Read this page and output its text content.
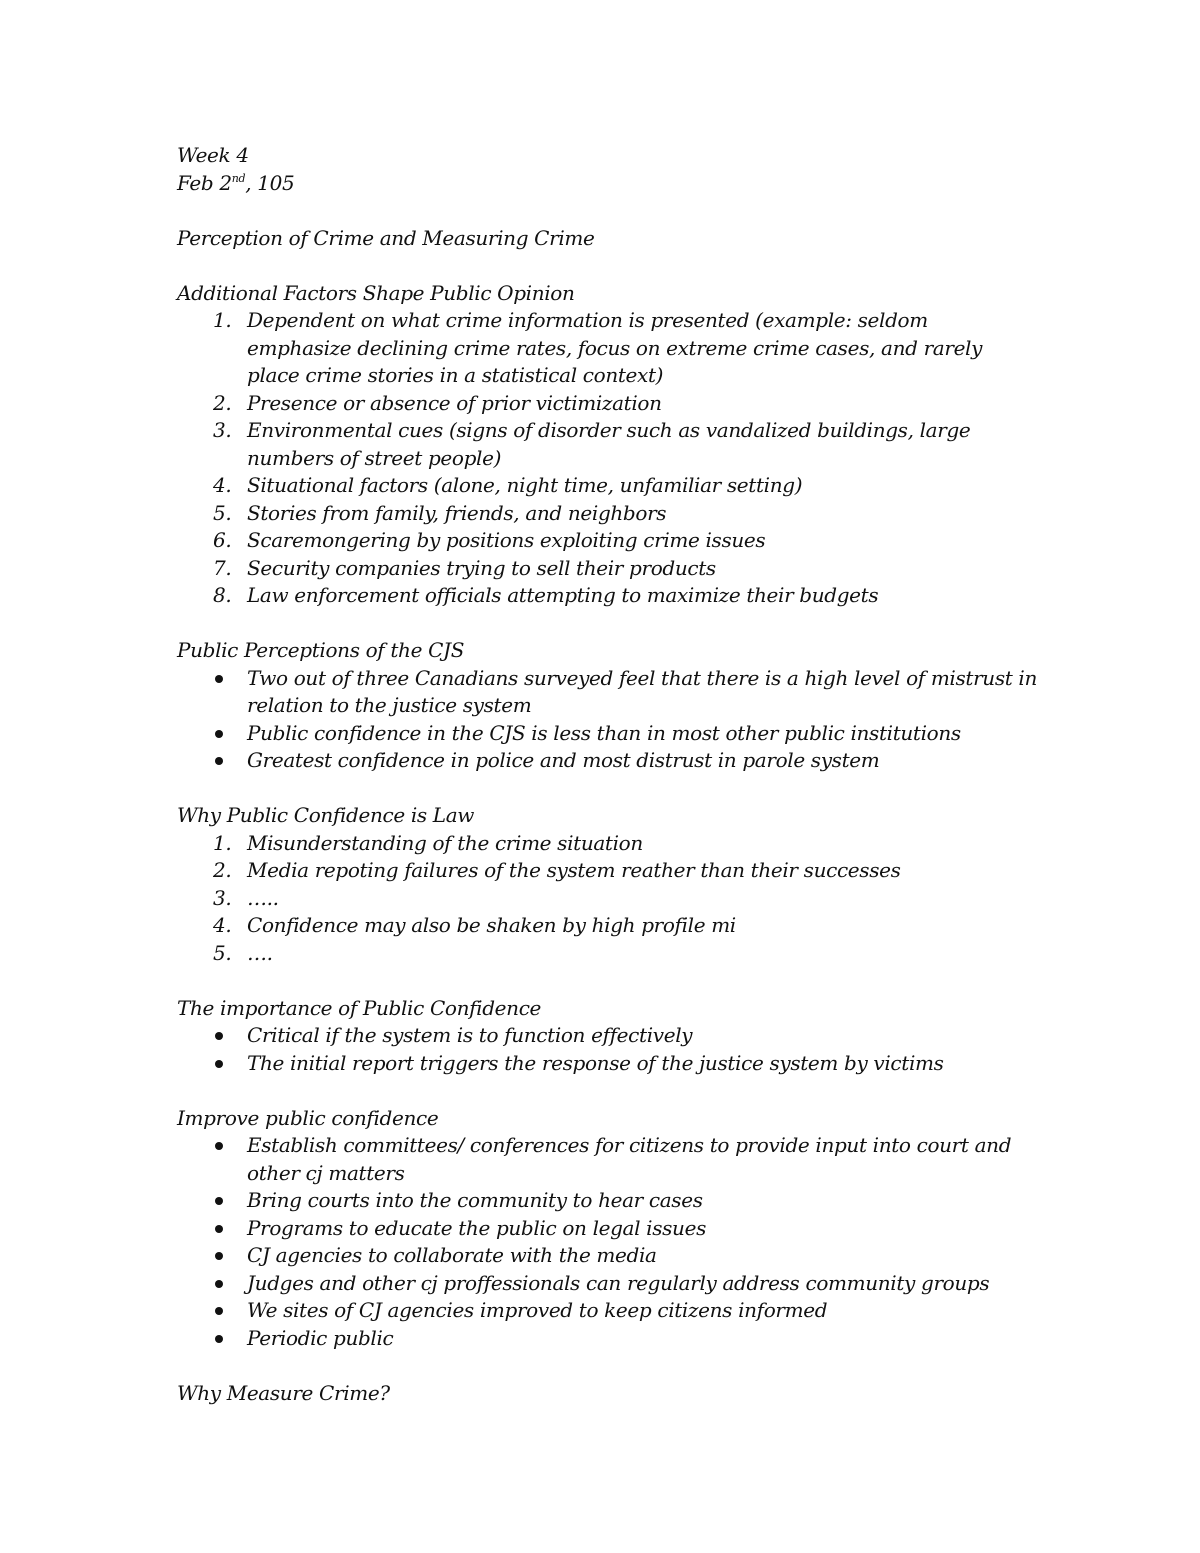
Week 4
Feb 2nd, 105
Perception of Crime and Measuring Crime
Additional Factors Shape Public Opinion
1. Dependent on what crime information is presented (example: seldom emphasize declining crime rates, focus on extreme crime cases, and rarely place crime stories in a statistical context)
2. Presence or absence of prior victimization
3. Environmental cues (signs of disorder such as vandalized buildings, large numbers of street people)
4. Situational factors (alone, night time, unfamiliar setting)
5. Stories from family, friends, and neighbors
6. Scaremongering by positions exploiting crime issues
7. Security companies trying to sell their products
8. Law enforcement officials attempting to maximize their budgets
Public Perceptions of the CJS
Two out of three Canadians surveyed feel that there is a high level of mistrust in relation to the justice system
Public confidence in the CJS is less than in most other public institutions
Greatest confidence in police and most distrust in parole system
Why Public Confidence is Law
1. Misunderstanding of the crime situation
2. Media repoting failures of the system reather than their successes
3. …..
4. Confidence may also be shaken by high profile mi
5. ….
The importance of Public Confidence
Critical if the system is to function effectively
The initial report triggers the response of the justice system by victims
Improve public confidence
Establish committees/ conferences for citizens to provide input into court and other cj matters
Bring courts into the community to hear cases
Programs to educate the public on legal issues
CJ agencies to collaborate with the media
Judges and other cj proffessionals can regularly address community groups
We sites of CJ agencies improved to keep citizens informed
Periodic public
Why Measure Crime?
